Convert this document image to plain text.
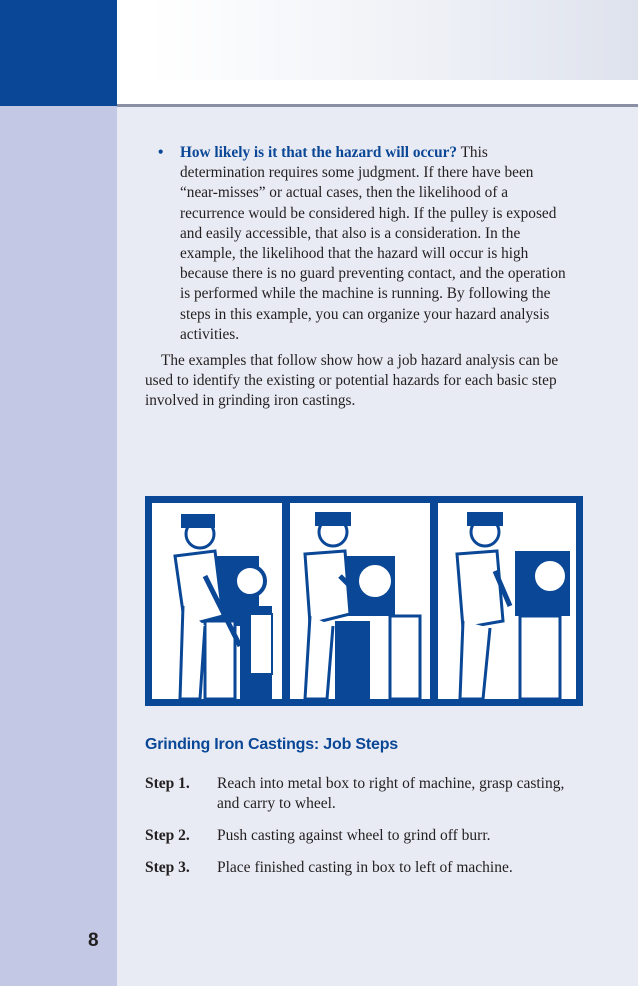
8

• How likely is it that the hazard will occur? This determination requires some judgment. If there have been “near-misses” or actual cases, then the likelihood of a recurrence would be considered high. If the pulley is exposed and easily accessible, that also is a consideration. In the example, the likelihood that the hazard will occur is high because there is no guard preventing contact, and the operation is performed while the machine is running. By following the steps in this example, you can organize your hazard analysis activities.

The examples that follow show how a job hazard analysis can be used to identify the existing or potential hazards for each basic step involved in grinding iron castings.

Grinding Iron Castings: Job Steps
Step 1.	Reach into metal box to right of machine, grasp casting, and carry to wheel.
Step 2.	Push casting against wheel to grind off burr.
Step 3.	Place finished casting in box to left of machine.
